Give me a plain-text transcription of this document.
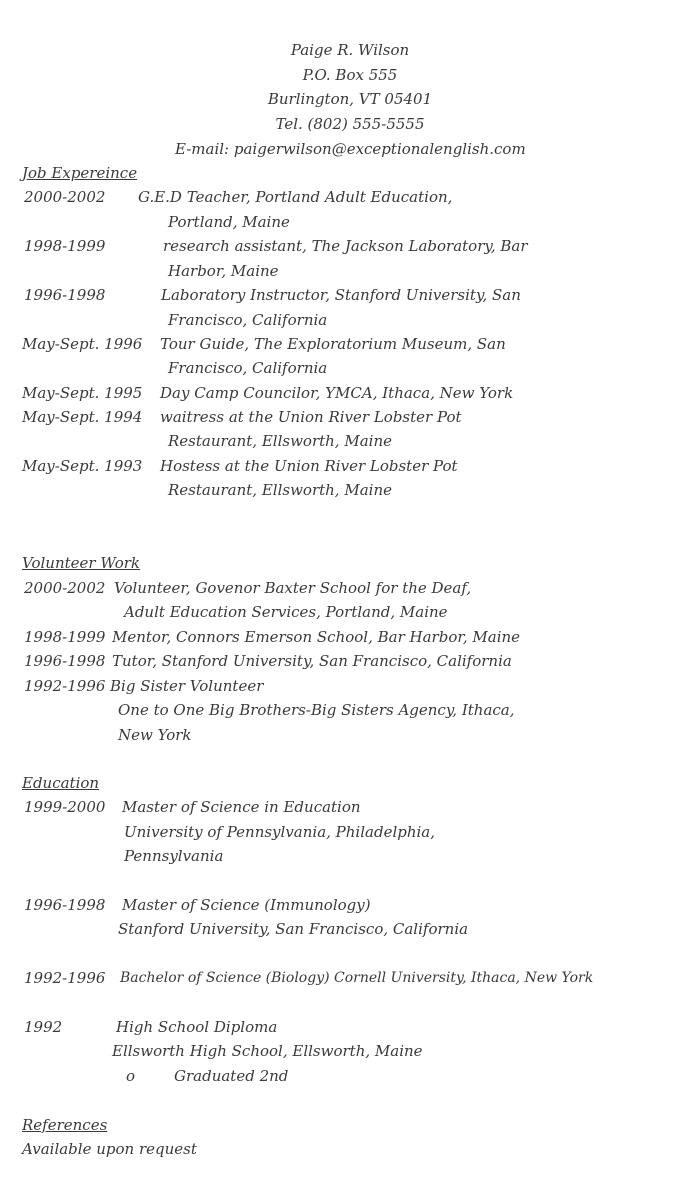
Paige R. Wilson
P.O. Box 555
Burlington, VT 05401
Tel. (802) 555-5555
E-mail: paigerwilson@exceptionalenglish.com
Job Expereince
2000-2002 G.E.D Teacher, Portland Adult Education,
Portland, Maine
1998-1999	research assistant, The Jackson Laboratory, Bar
Harbor, Maine
1996-1998	Laboratory Instructor, Stanford University, San
Francisco, California
May-Sept. 1996 Tour Guide, The Exploratorium Museum, San
Francisco, California
May-Sept. 1995 Day Camp Councilor, YMCA, Ithaca, New York
May-Sept. 1994 waitress at the Union River Lobster Pot
Restaurant, Ellsworth, Maine
May-Sept. 1993 Hostess at the Union River Lobster Pot
Restaurant, Ellsworth, Maine
Volunteer Work
2000-2002 Volunteer, Govenor Baxter School for the Deaf,
Adult Education Services, Portland, Maine
1998-1999 Mentor, Connors Emerson School, Bar Harbor, Maine
1996-1998 Tutor, Stanford University, San Francisco, California
1992-1996 Big Sister Volunteer
One to One Big Brothers-Big Sisters Agency, Ithaca,
New York
Education
1999-2000 Master of Science in Education
University of Pennsylvania, Philadelphia,
Pennsylvania
1996-1998 Master of Science (Immunology)
Stanford University, San Francisco, California
1992-1996 Bachelor of Science (Biology) Cornell University, Ithaca, New York
1992	High School Diploma
Ellsworth High School, Ellsworth, Maine
o	Graduated 2nd
References
Available upon request
